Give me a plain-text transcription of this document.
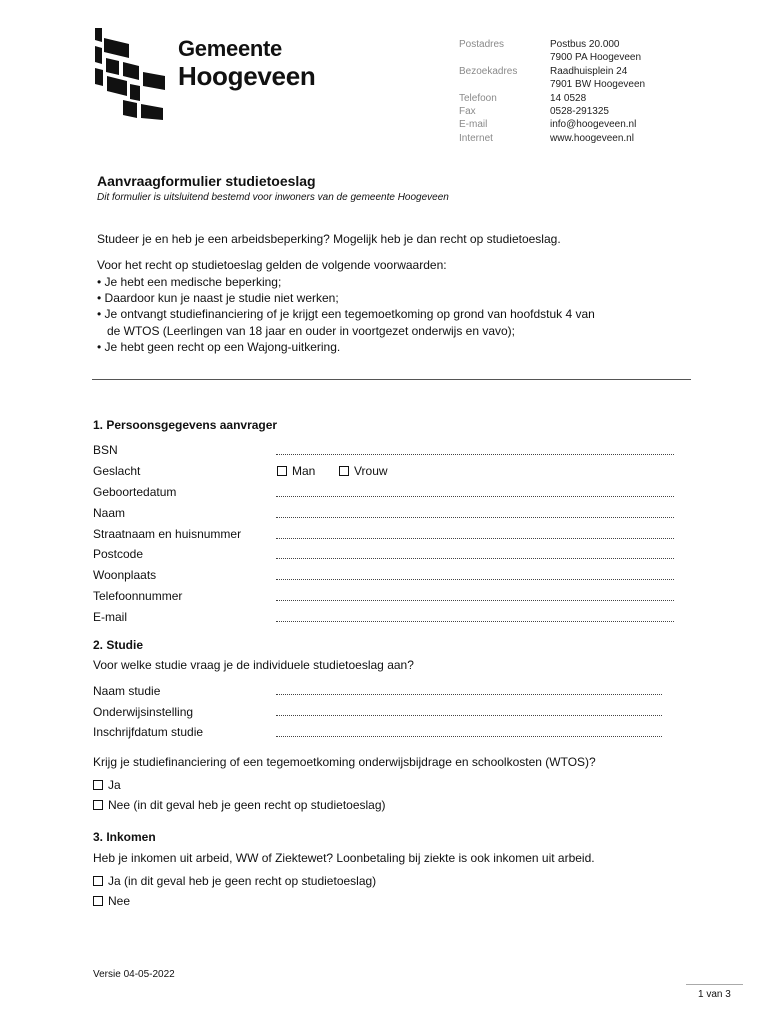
Gemeente
Hoogeveen
Postadres
Bezoekadres
Telefoon
Fax
E-mail
Internet
Postbus 20.000
7900 PA Hoogeveen
Raadhuisplein 24
7901 BW Hoogeveen
14 0528
0528-291325
info@hoogeveen.nl
www.hoogeveen.nl
Aanvraagformulier studietoeslag
Dit formulier is uitsluitend bestemd voor inwoners van de gemeente Hoogeveen
Studeer je en heb je een arbeidsbeperking? Mogelijk heb je dan recht op studietoeslag.
Voor het recht op studietoeslag gelden de volgende voorwaarden:
• Je hebt een medische beperking;
• Daardoor kun je naast je studie niet werken;
• Je ontvangt studiefinanciering of je krijgt een tegemoetkoming op grond van hoofdstuk 4 van
de WTOS (Leerlingen van 18 jaar en ouder in voortgezet onderwijs en vavo);
• Je hebt geen recht op een Wajong-uitkering.
1. Persoonsgegevens aanvrager
BSN
Geslacht	Man	Vrouw
Geboortedatum
Naam
Straatnaam en huisnummer
Postcode
Woonplaats
Telefoonnummer
E-mail
2. Studie
Voor welke studie vraag je de individuele studietoeslag aan?
Naam studie
Onderwijsinstelling
Inschrijfdatum studie
Krijg je studiefinanciering of een tegemoetkoming onderwijsbijdrage en schoolkosten (WTOS)?
Ja
Nee (in dit geval heb je geen recht op studietoeslag)
3. Inkomen
Heb je inkomen uit arbeid, WW of Ziektewet? Loonbetaling bij ziekte is ook inkomen uit arbeid.
Ja (in dit geval heb je geen recht op studietoeslag)
Nee
Versie 04-05-2022
1 van 3
